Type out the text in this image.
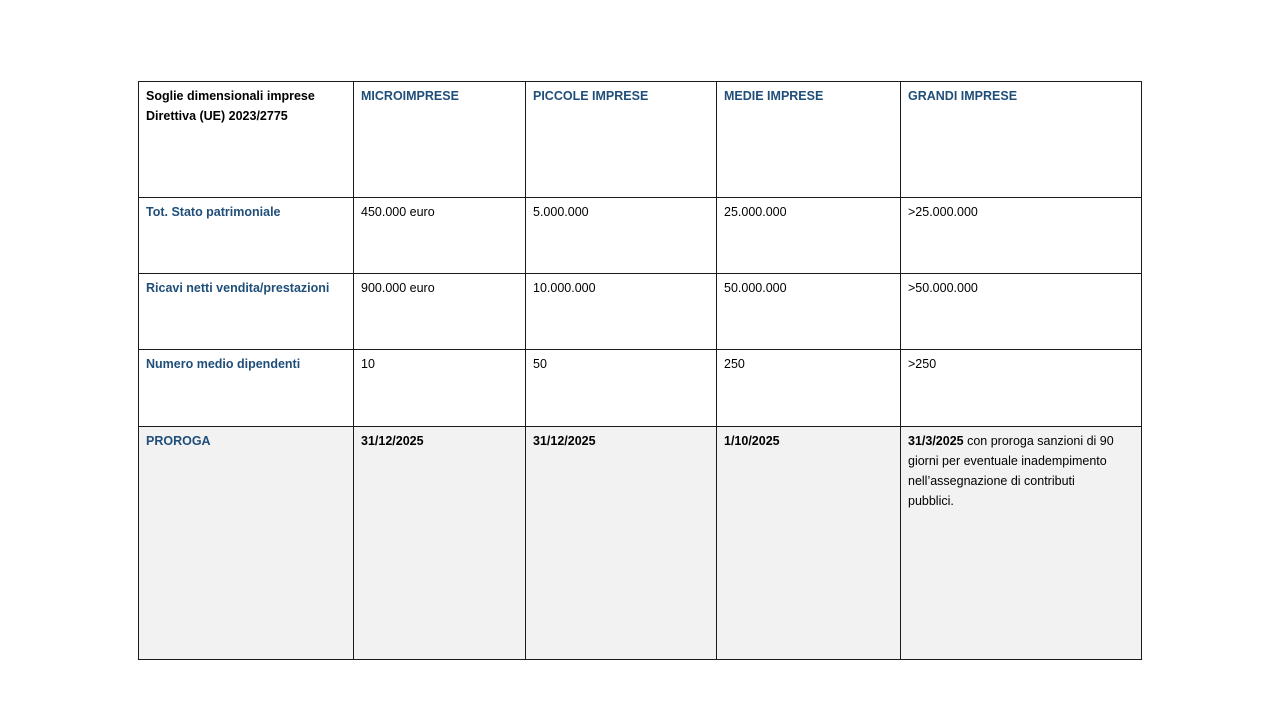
Soglie dimensionali imprese
Direttiva (UE) 2023/2775	MICROIMPRESE	PICCOLE IMPRESE	MEDIE IMPRESE	GRANDI IMPRESE
Tot. Stato patrimoniale	450.000 euro	5.000.000	25.000.000	>25.000.000
Ricavi netti vendita/prestazioni	900.000 euro	10.000.000	50.000.000	>50.000.000
Numero medio dipendenti	10	50	250	>250
PROROGA	31/12/2025	31/12/2025	1/10/2025	31/3/2025 con proroga sanzioni di 90
giorni per eventuale inadempimento
nell’assegnazione di contributi
pubblici.
